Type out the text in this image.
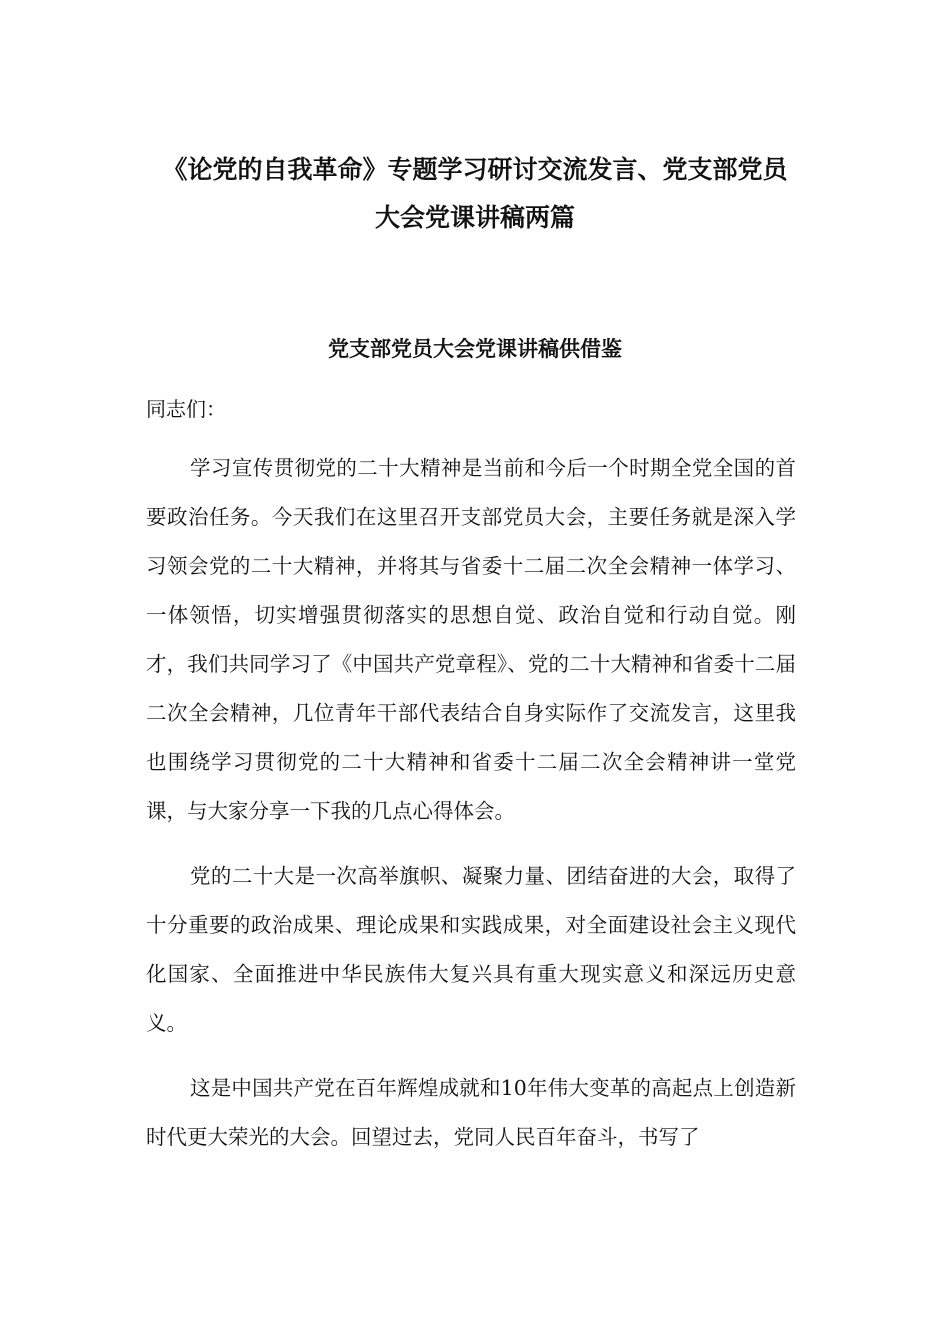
《论党的自我革命》专题学习研讨交流发言、党支部党员
大会党课讲稿两篇
党支部党员大会党课讲稿供借鉴

同志们：

学习宣传贯彻党的二十大精神是当前和今后一个时期全党全国的首要政治任务。今天我们在这里召开支部党员大会，主要任务就是深入学习领会党的二十大精神，并将其与省委十二届二次全会精神一体学习、一体领悟，切实增强贯彻落实的思想自觉、政治自觉和行动自觉。刚才，我们共同学习了《中国共产党章程》、党的二十大精神和省委十二届二次全会精神，几位青年干部代表结合自身实际作了交流发言，这里我也围绕学习贯彻党的二十大精神和省委十二届二次全会精神讲一堂党课，与大家分享一下我的几点心得体会。

党的二十大是一次高举旗帜、凝聚力量、团结奋进的大会，取得了十分重要的政治成果、理论成果和实践成果，对全面建设社会主义现代化国家、全面推进中华民族伟大复兴具有重大现实意义和深远历史意义。

这是中国共产党在百年辉煌成就和10年伟大变革的高起点上创造新时代更大荣光的大会。回望过去，党同人民百年奋斗，书写了
